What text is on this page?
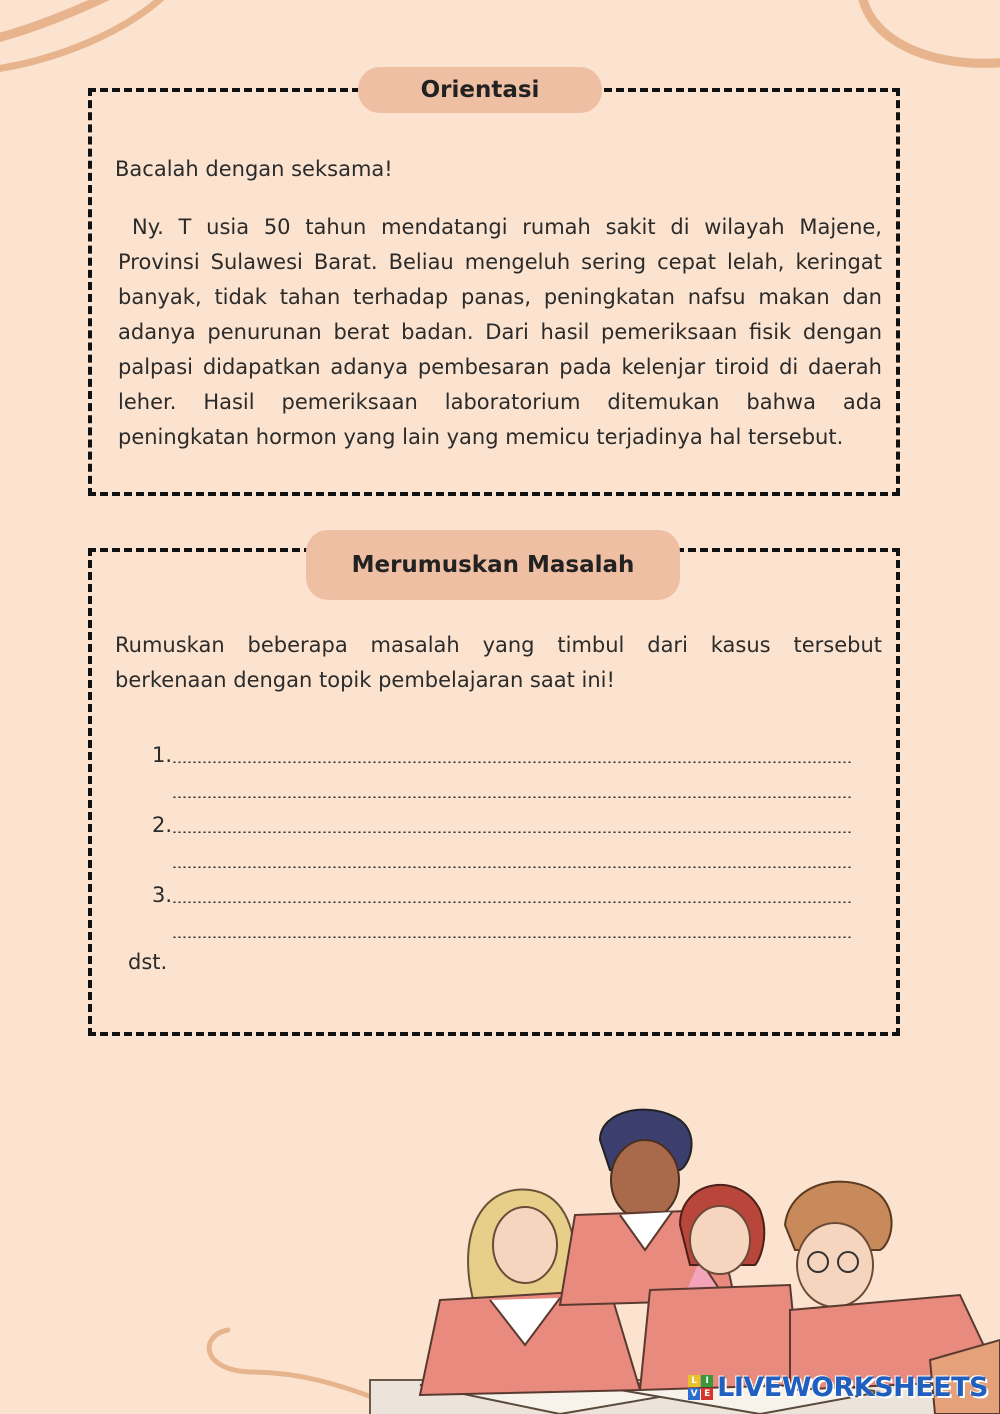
Orientasi
Bacalah dengan seksama!
Ny. T usia 50 tahun mendatangi rumah sakit di wilayah Majene, Provinsi Sulawesi Barat. Beliau mengeluh sering cepat lelah, keringat banyak, tidak tahan terhadap panas, peningkatan nafsu makan dan adanya penurunan berat badan. Dari hasil pemeriksaan fisik dengan palpasi didapatkan adanya pembesaran pada kelenjar tiroid di daerah leher. Hasil pemeriksaan laboratorium ditemukan bahwa ada peningkatan hormon yang lain yang memicu terjadinya hal tersebut.
Merumuskan Masalah
Rumuskan beberapa masalah yang timbul dari kasus tersebut berkenaan dengan topik pembelajaran saat ini!
1.
2.
3.
dst.
L I
V E LIVEWORKSHEETS
